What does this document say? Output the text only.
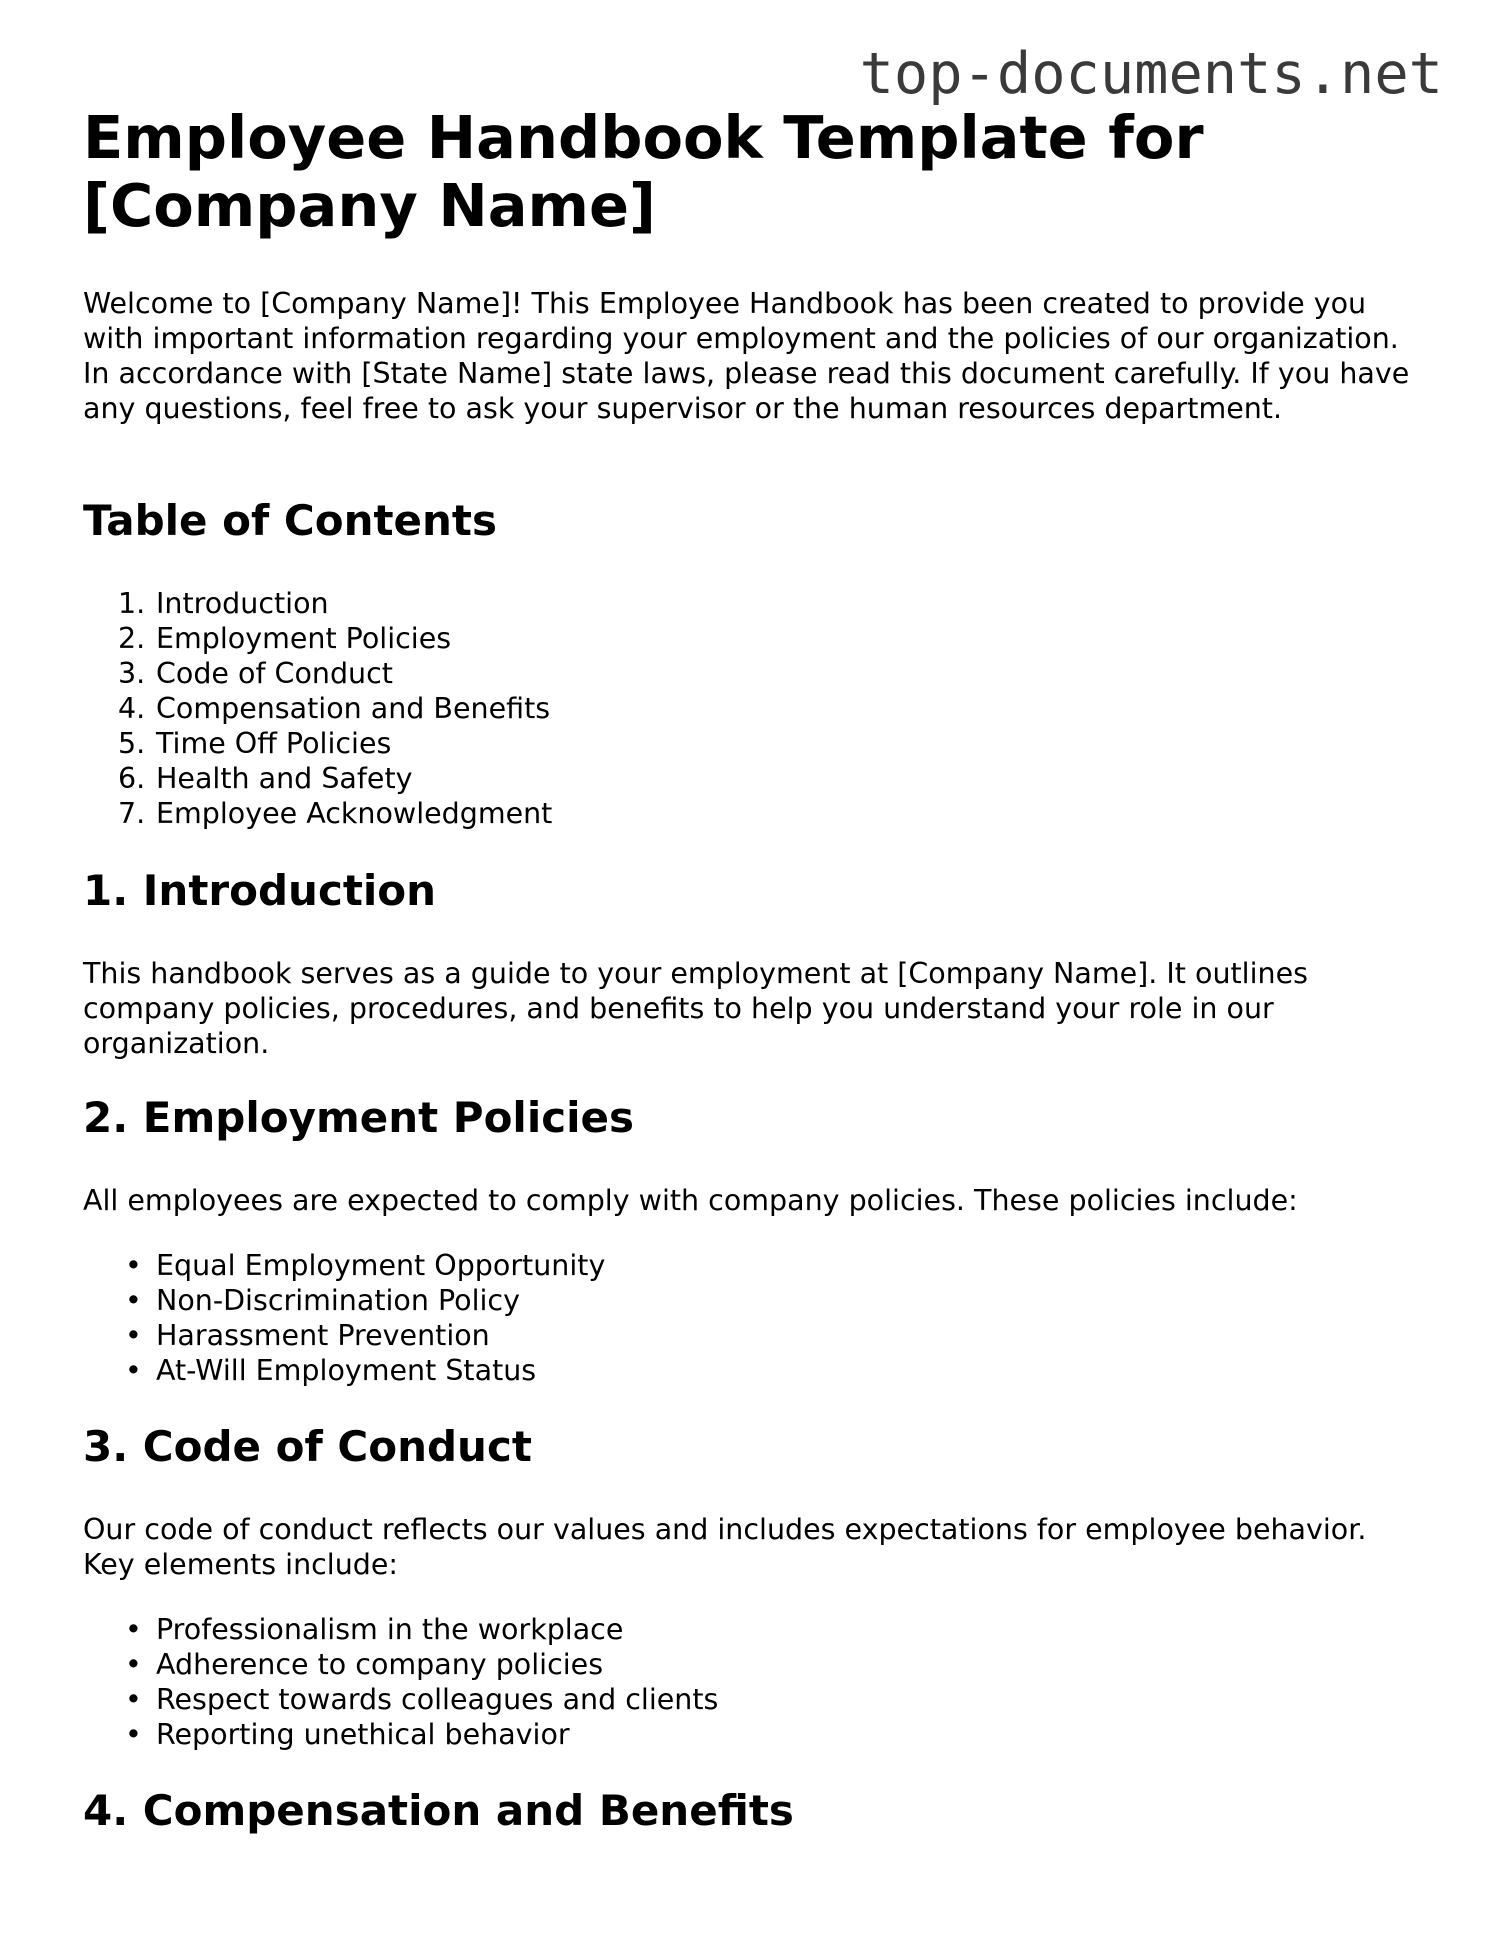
top-documents.net
Employee Handbook Template for [Company Name]

Welcome to [Company Name]! This Employee Handbook has been created to provide you with important information regarding your employment and the policies of our organization. In accordance with [State Name] state laws, please read this document carefully. If you have any questions, feel free to ask your supervisor or the human resources department.

Table of Contents
1. Introduction
2. Employment Policies
3. Code of Conduct
4. Compensation and Benefits
5. Time Off Policies
6. Health and Safety
7. Employee Acknowledgment
1. Introduction

This handbook serves as a guide to your employment at [Company Name]. It outlines company policies, procedures, and benefits to help you understand your role in our organization.

2. Employment Policies

All employees are expected to comply with company policies. These policies include:

• Equal Employment Opportunity
• Non-Discrimination Policy
• Harassment Prevention
• At-Will Employment Status
3. Code of Conduct

Our code of conduct reflects our values and includes expectations for employee behavior. Key elements include:

• Professionalism in the workplace
• Adherence to company policies
• Respect towards colleagues and clients
• Reporting unethical behavior
4. Compensation and Benefits
